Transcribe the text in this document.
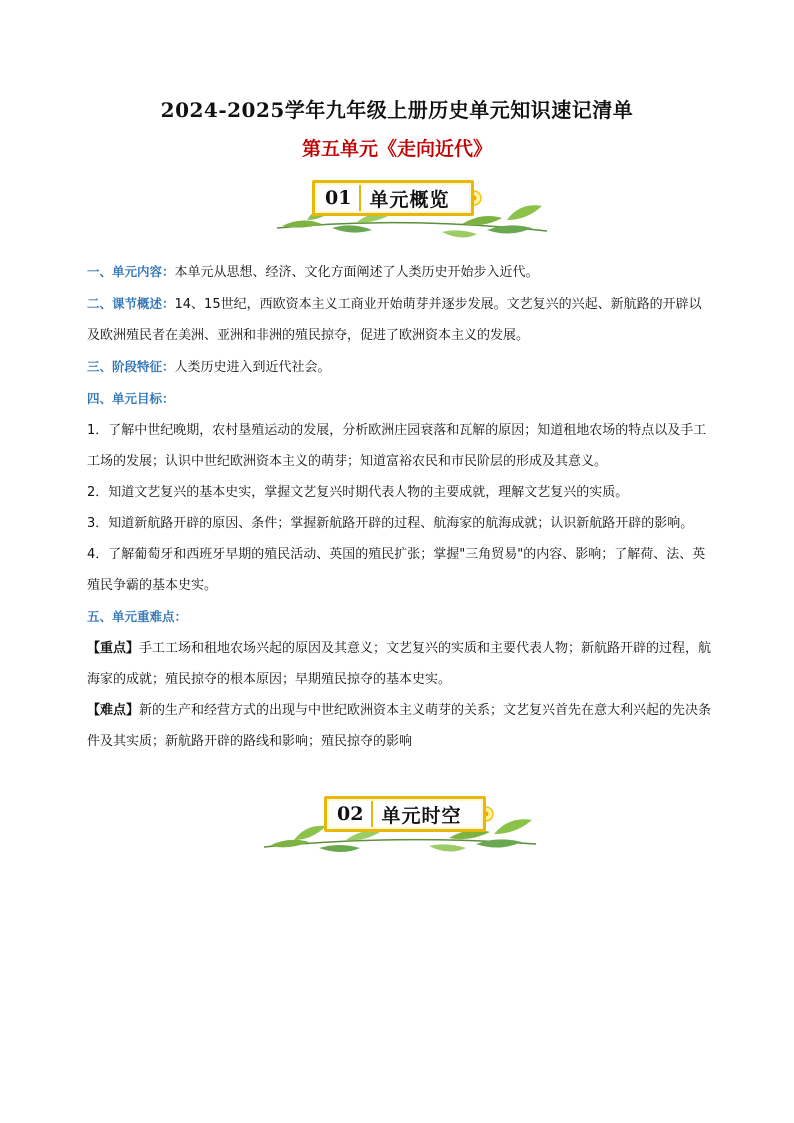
2024-2025学年九年级上册历史单元知识速记清单
第五单元《走向近代》
01 单元概览

一、单元内容：本单元从思想、经济、文化方面阐述了人类历史开始步入近代。

二、课节概述：14、15世纪，西欧资本主义工商业开始萌芽并逐步发展。文艺复兴的兴起、新航路的开辟以及欧洲殖民者在美洲、亚洲和非洲的殖民掠夺，促进了欧洲资本主义的发展。

三、阶段特征：人类历史进入到近代社会。

四、单元目标：

1．了解中世纪晚期，农村垦殖运动的发展，分析欧洲庄园衰落和瓦解的原因；知道租地农场的特点以及手工工场的发展；认识中世纪欧洲资本主义的萌芽；知道富裕农民和市民阶层的形成及其意义。

2．知道文艺复兴的基本史实，掌握文艺复兴时期代表人物的主要成就，理解文艺复兴的实质。

3．知道新航路开辟的原因、条件；掌握新航路开辟的过程、航海家的航海成就；认识新航路开辟的影响。

4．了解葡萄牙和西班牙早期的殖民活动、英国的殖民扩张；掌握"三角贸易"的内容、影响；了解荷、法、英殖民争霸的基本史实。

五、单元重难点：

【重点】手工工场和租地农场兴起的原因及其意义；文艺复兴的实质和主要代表人物；新航路开辟的过程，航海家的成就；殖民掠夺的根本原因；早期殖民掠夺的基本史实。

【难点】新的生产和经营方式的出现与中世纪欧洲资本主义萌芽的关系；文艺复兴首先在意大利兴起的先决条件及其实质；新航路开辟的路线和影响；殖民掠夺的影响

02 单元时空
